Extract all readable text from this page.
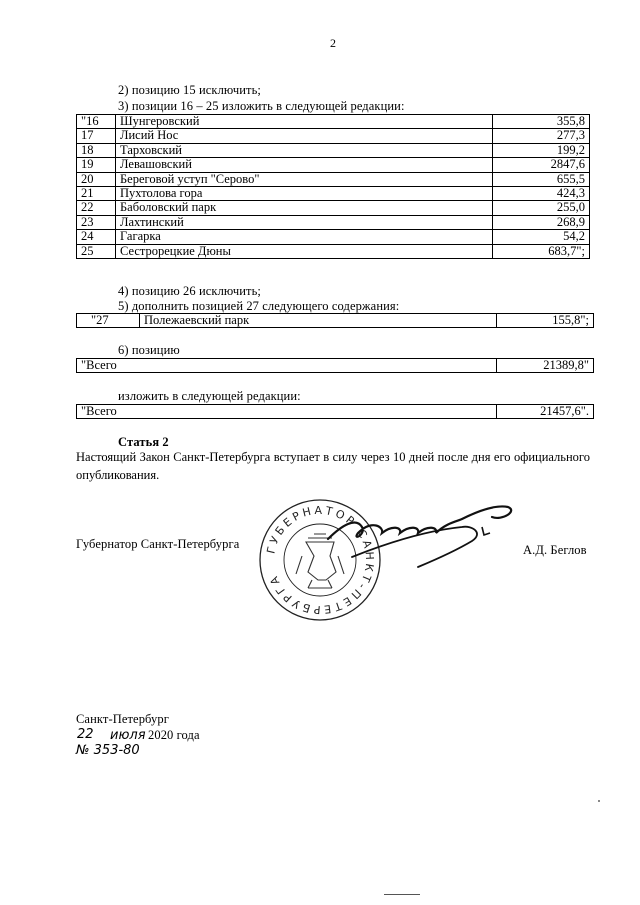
2
2) позицию 15 исключить;
3) позиции 16 – 25 изложить в следующей редакции:
"16	Шунгеровский	355,8
17	Лисий Нос	277,3
18	Тарховский	199,2
19	Левашовский	2847,6
20	Береговой уступ "Серово"	655,5
21	Пухтолова гора	424,3
22	Баболовский парк	255,0
23	Лахтинский	268,9
24	Гагарка	54,2
25	Сестрорецкие Дюны	683,7";
4) позицию 26 исключить;
5) дополнить позицией 27 следующего содержания:
"27	Полежаевский парк	155,8";
6) позицию
"Всего	21389,8"
изложить в следующей редакции:
"Всего	21457,6".
Статья 2
Настоящий Закон Санкт-Петербурга вступает в силу через 10 дней после дня его официального опубликования.
Губернатор Санкт-Петербурга	А.Д. Беглов
ГУБЕРНАТОР САНКТ-ПЕТЕРБУРГА
Санкт-Петербург
22 июля 2020 года
№ 353-80
